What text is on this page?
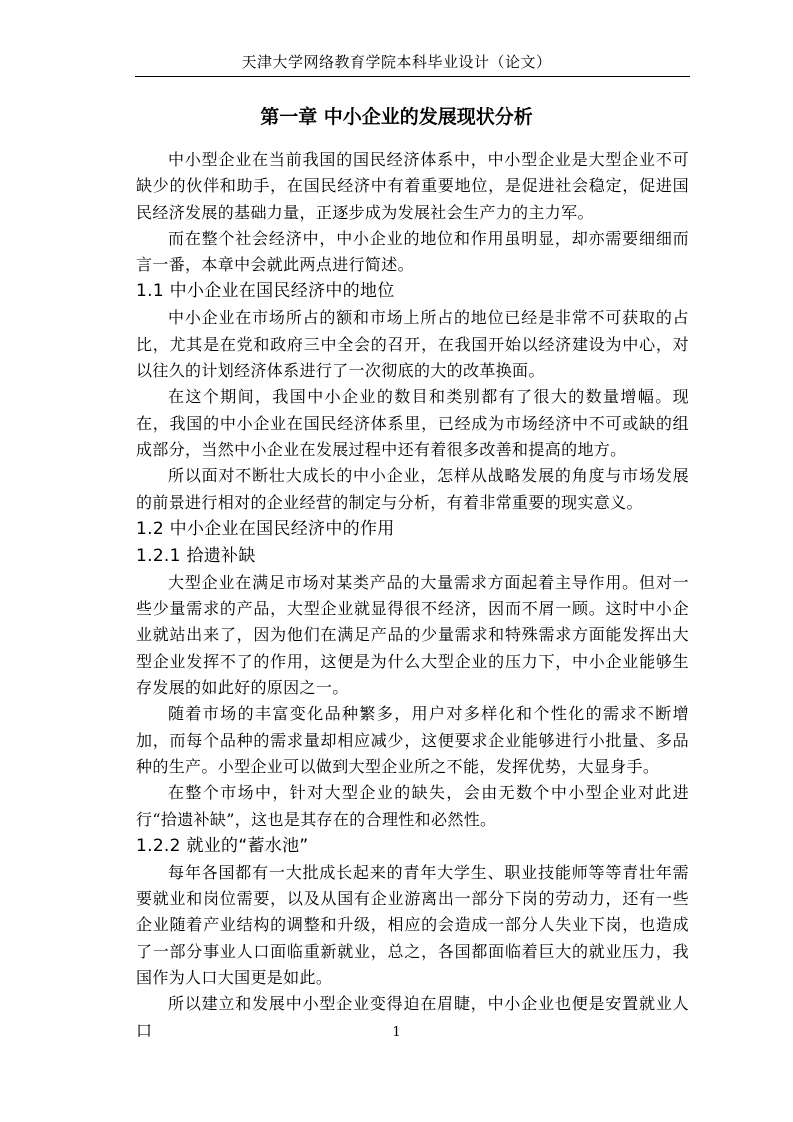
天津大学网络教育学院本科毕业设计（论文）
第一章 中小企业的发展现状分析

中小型企业在当前我国的国民经济体系中，中小型企业是大型企业不可缺少的伙伴和助手，在国民经济中有着重要地位，是促进社会稳定，促进国民经济发展的基础力量，正逐步成为发展社会生产力的主力军。

而在整个社会经济中，中小企业的地位和作用虽明显，却亦需要细细而言一番，本章中会就此两点进行简述。

1.1 中小企业在国民经济中的地位

中小企业在市场所占的额和市场上所占的地位已经是非常不可获取的占比，尤其是在党和政府三中全会的召开，在我国开始以经济建设为中心，对以往久的计划经济体系进行了一次彻底的大的改革换面。

在这个期间，我国中小企业的数目和类别都有了很大的数量增幅。现在，我国的中小企业在国民经济体系里，已经成为市场经济中不可或缺的组成部分，当然中小企业在发展过程中还有着很多改善和提高的地方。

所以面对不断壮大成长的中小企业，怎样从战略发展的角度与市场发展的前景进行相对的企业经营的制定与分析，有着非常重要的现实意义。

1.2 中小企业在国民经济中的作用
1.2.1 拾遗补缺

大型企业在满足市场对某类产品的大量需求方面起着主导作用。但对一些少量需求的产品，大型企业就显得很不经济，因而不屑一顾。这时中小企业就站出来了，因为他们在满足产品的少量需求和特殊需求方面能发挥出大型企业发挥不了的作用，这便是为什么大型企业的压力下，中小企业能够生存发展的如此好的原因之一。

随着市场的丰富变化品种繁多，用户对多样化和个性化的需求不断增加，而每个品种的需求量却相应减少，这便要求企业能够进行小批量、多品种的生产。小型企业可以做到大型企业所之不能，发挥优势，大显身手。

在整个市场中，针对大型企业的缺失，会由无数个中小型企业对此进行“拾遗补缺”，这也是其存在的合理性和必然性。

1.2.2 就业的“蓄水池”

每年各国都有一大批成长起来的青年大学生、职业技能师等等青壮年需要就业和岗位需要，以及从国有企业游离出一部分下岗的劳动力，还有一些企业随着产业结构的调整和升级，相应的会造成一部分人失业下岗，也造成了一部分事业人口面临重新就业，总之，各国都面临着巨大的就业压力，我国作为人口大国更是如此。

所以建立和发展中小型企业变得迫在眉睫，中小企业也便是安置就业人口	1
